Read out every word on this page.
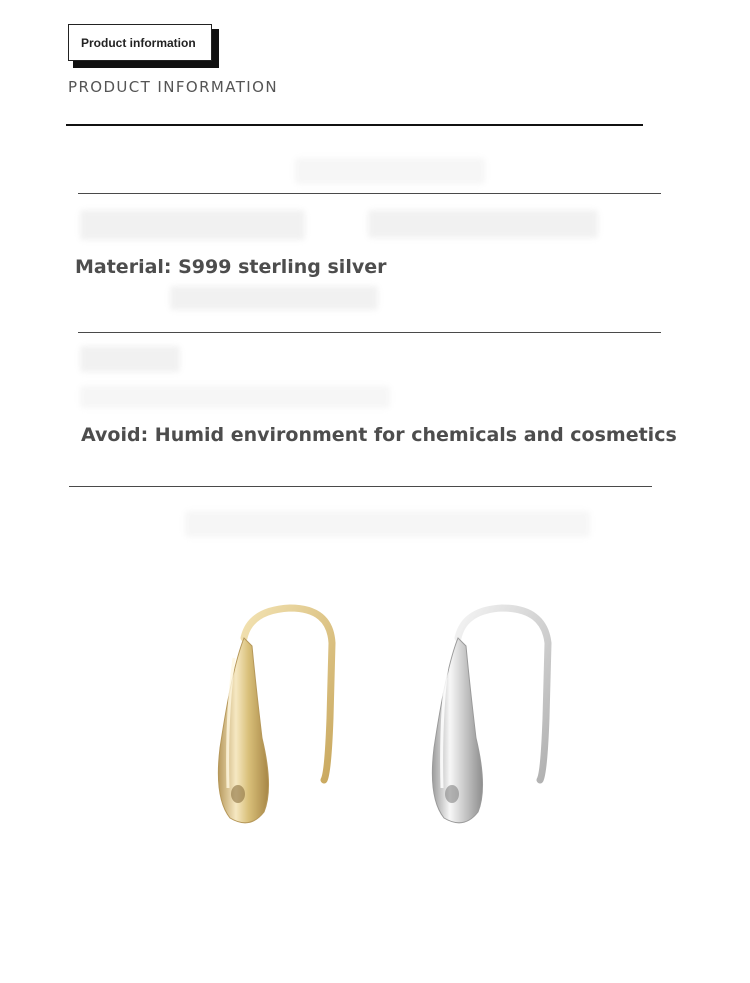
Product information
PRODUCT INFORMATION
Material: S999 sterling silver
Avoid: Humid environment for chemicals and cosmetics
